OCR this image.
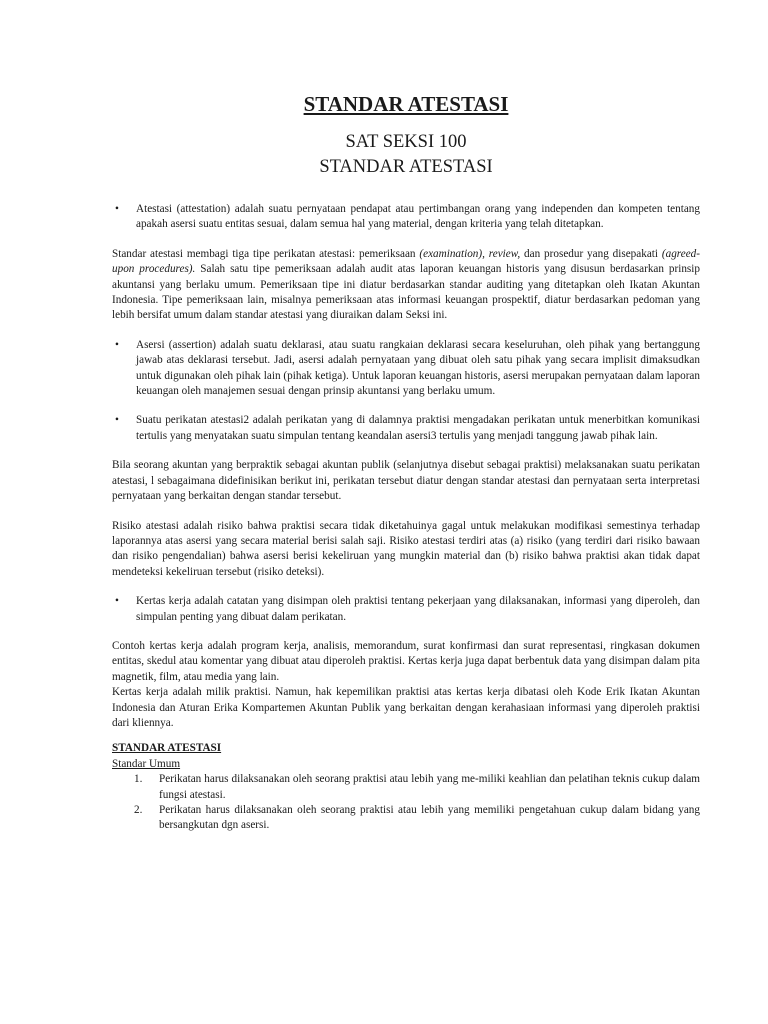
STANDAR ATESTASI
SAT SEKSI 100
STANDAR ATESTASI
• Atestasi (attestation) adalah suatu pernyataan pendapat atau pertimbangan orang yang independen dan kompeten tentang apakah asersi suatu entitas sesuai, dalam semua hal yang material, dengan kriteria yang telah ditetapkan.

Standar atestasi membagi tiga tipe perikatan atestasi: pemeriksaan (examination), review, dan prosedur yang disepakati (agreed-upon procedures). Salah satu tipe pemeriksaan adalah audit atas laporan keuangan historis yang disusun berdasarkan prinsip akuntansi yang berlaku umum. Pemeriksaan tipe ini diatur berdasarkan standar auditing yang ditetapkan oleh Ikatan Akuntan Indonesia. Tipe pemeriksaan lain, misalnya pemeriksaan atas informasi keuangan prospektif, diatur berdasarkan pedoman yang lebih bersifat umum dalam standar atestasi yang diuraikan dalam Seksi ini.

• Asersi (assertion) adalah suatu deklarasi, atau suatu rangkaian deklarasi secara keseluruhan, oleh pihak yang bertanggung jawab atas deklarasi tersebut. Jadi, asersi adalah pernyataan yang dibuat oleh satu pihak yang secara implisit dimaksudkan untuk digunakan oleh pihak lain (pihak ketiga). Untuk laporan keuangan historis, asersi merupakan pernyataan dalam laporan keuangan oleh manajemen sesuai dengan prinsip akuntansi yang berlaku umum.
• Suatu perikatan atestasi2 adalah perikatan yang di dalamnya praktisi mengadakan perikatan untuk menerbitkan komunikasi tertulis yang menyatakan suatu simpulan tentang keandalan asersi3 tertulis yang menjadi tanggung jawab pihak lain.

Bila seorang akuntan yang berpraktik sebagai akuntan publik (selanjutnya disebut sebagai praktisi) melaksanakan suatu perikatan atestasi, l sebagaimana didefinisikan berikut ini, perikatan tersebut diatur dengan standar atestasi dan pernyataan serta interpretasi pernyataan yang berkaitan dengan standar tersebut.

Risiko atestasi adalah risiko bahwa praktisi secara tidak diketahuinya gagal untuk melakukan modifikasi semestinya terhadap laporannya atas asersi yang secara material berisi salah saji. Risiko atestasi terdiri atas (a) risiko (yang terdiri dari risiko bawaan dan risiko pengendalian) bahwa asersi berisi kekeliruan yang mungkin material dan (b) risiko bahwa praktisi akan tidak dapat mendeteksi kekeliruan tersebut (risiko deteksi).

• Kertas kerja adalah catatan yang disimpan oleh praktisi tentang pekerjaan yang dilaksanakan, informasi yang diperoleh, dan simpulan penting yang dibuat dalam perikatan.

Contoh kertas kerja adalah program kerja, analisis, memorandum, surat konfirmasi dan surat representasi, ringkasan dokumen entitas, skedul atau komentar yang dibuat atau diperoleh praktisi. Kertas kerja juga dapat berbentuk data yang disimpan dalam pita magnetik, film, atau media yang lain.

Kertas kerja adalah milik praktisi. Namun, hak kepemilikan praktisi atas kertas kerja dibatasi oleh Kode Erik Ikatan Akuntan Indonesia dan Aturan Erika Kompartemen Akuntan Publik yang berkaitan dengan kerahasiaan informasi yang diperoleh praktisi dari kliennya.

STANDAR ATESTASI
Standar Umum
1. Perikatan harus dilaksanakan oleh seorang praktisi atau lebih yang me-miliki keahlian dan pelatihan teknis cukup dalam fungsi atestasi.
2. Perikatan harus dilaksanakan oleh seorang praktisi atau lebih yang memiliki pengetahuan cukup dalam bidang yang bersangkutan dgn asersi.
